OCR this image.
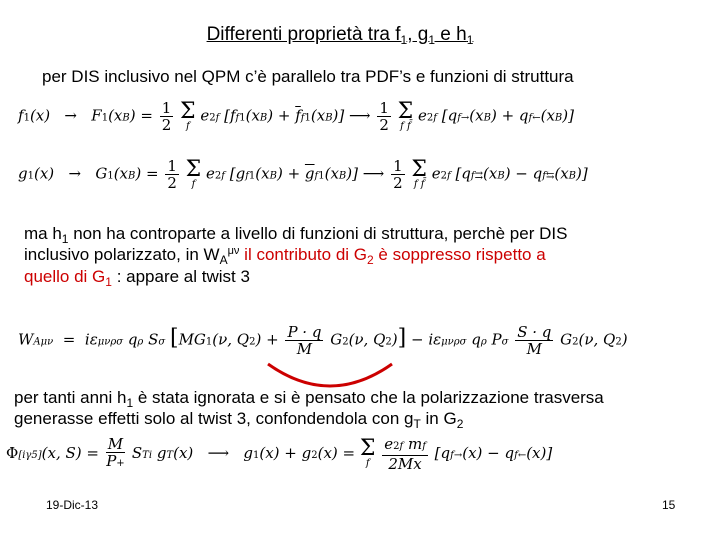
Differenti proprietà tra $f_1$, $g_1$ e $h_1$
per DIS inclusivo nel QPM c’è parallelo tra PDF’s e funzioni di struttura
$f1(x) \to F1(xB) = \frac{1}{2}$
Σ
f
e2f $[ff1(xB) + \overline{f}f1(xB)]$ ⟶ $\frac{1}{2}$
Σ
f f̄
e2f [qf→(xB) + qf←(xB)]
$g1(x) \to G1(xB) = \frac{1}{2}$
Σ
f
e2f $[gf1(xB) + \overline{g}f1(xB)]$ ⟶ $\frac{1}{2}$
Σ
f f̄
e2f [qf⇉(xB) − qf⇆(xB)]
ma $h_1$ non ha controparte a livello di funzioni di struttura, perchè per DIS
inclusivo polarizzato, in $W_A^{\mu\nu}$ il contributo di $G_2$ è soppresso rispetto a
quello di $G_1$ : appare al twist 3
WAμν =  iεμνρσ qρ Sσ [MG1(ν, $Q2) + \frac{P \cdot q}{M} G2(\nu$, Q2)] − iεμνρσ qρ Pσ $\frac{S \cdot q}{M} G2(\nu$, Q2)
per tanti anni $h_1$ è stata ignorata e si è pensato che la polarizzazione trasversa
generasse effetti solo al twist 3, confondendola con $g_T$ in $G_2$
Φ[iγ5](x, $S) = \frac{M}{P+}$ STi gT(x)   ⟶   g1(x) + g2(x) = Σ
f
$\frac{\text{e2f mf}}{2Mx} [qf\to(x)$ − qf←(x)]
19-Dic-13	15
